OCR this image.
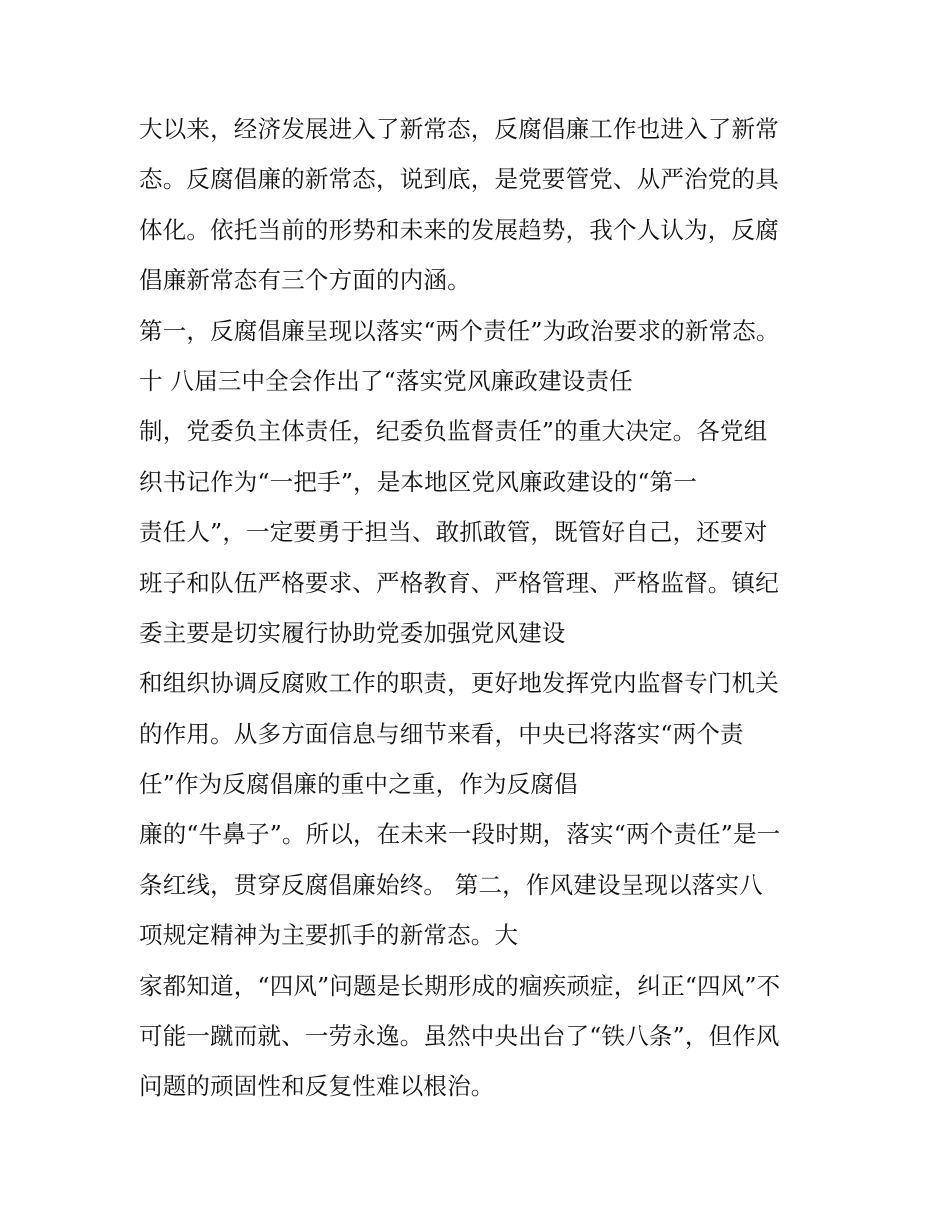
大以来，经济发展进入了新常态，反腐倡廉工作也进入了新常
态。反腐倡廉的新常态，说到底，是党要管党、从严治党的具
体化。依托当前的形势和未来的发展趋势，我个人认为，反腐
倡廉新常态有三个方面的内涵。
第一，反腐倡廉呈现以落实“两个责任”为政治要求的新常态。
十 八届三中全会作出了“落实党风廉政建设责任
制，党委负主体责任，纪委负监督责任”的重大决定。各党组
织书记作为“一把手”，是本地区党风廉政建设的“第一
责任人”，一定要勇于担当、敢抓敢管，既管好自己，还要对
班子和队伍严格要求、严格教育、严格管理、严格监督。镇纪
委主要是切实履行协助党委加强党风建设
和组织协调反腐败工作的职责，更好地发挥党内监督专门机关
的作用。从多方面信息与细节来看，中央已将落实“两个责
任”作为反腐倡廉的重中之重，作为反腐倡
廉的“牛鼻子”。所以，在未来一段时期，落实“两个责任”是一
条红线，贯穿反腐倡廉始终。 第二，作风建设呈现以落实八
项规定精神为主要抓手的新常态。大
家都知道，“四风”问题是长期形成的痼疾顽症，纠正“四风”不
可能一蹴而就、一劳永逸。虽然中央出台了“铁八条”，但作风
问题的顽固性和反复性难以根治。
